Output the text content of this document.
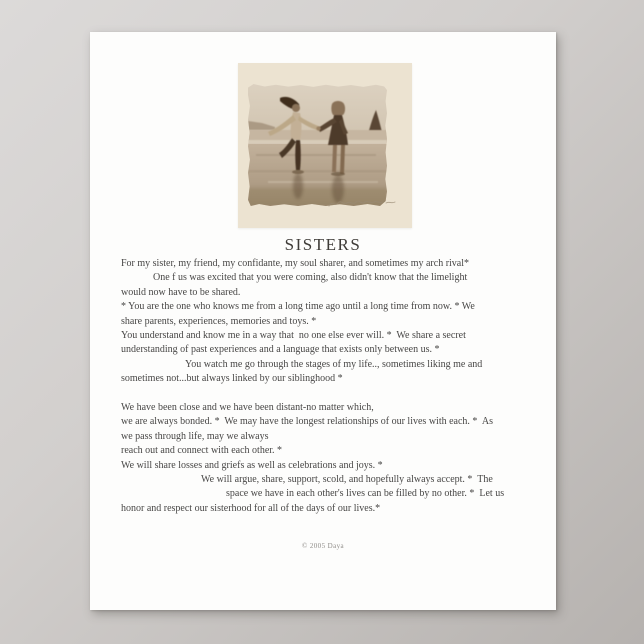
SISTERS
For my sister, my friend, my confidante, my soul sharer, and sometimes my arch rival*
One f us was excited that you were coming, also didn't know that the limelight
would now have to be shared.
* You are the one who knows me from a long time ago until a long time from now. * We
share parents, experiences, memories and toys. *
You understand and know me in a way that  no one else ever will. *  We share a secret
understanding of past experiences and a language that exists only between us. *
You watch me go through the stages of my life.., sometimes liking me and
sometimes not...but always linked by our siblinghood *
We have been close and we have been distant-no matter which,
we are always bonded. *  We may have the longest relationships of our lives with each. *  As
we pass through life, may we always
reach out and connect with each other. *
We will share losses and griefs as well as celebrations and joys. *
We will argue, share, support, scold, and hopefully always accept. *  The
space we have in each other's lives can be filled by no other. *  Let us
honor and respect our sisterhood for all of the days of our lives.*
© 2005 Daya
